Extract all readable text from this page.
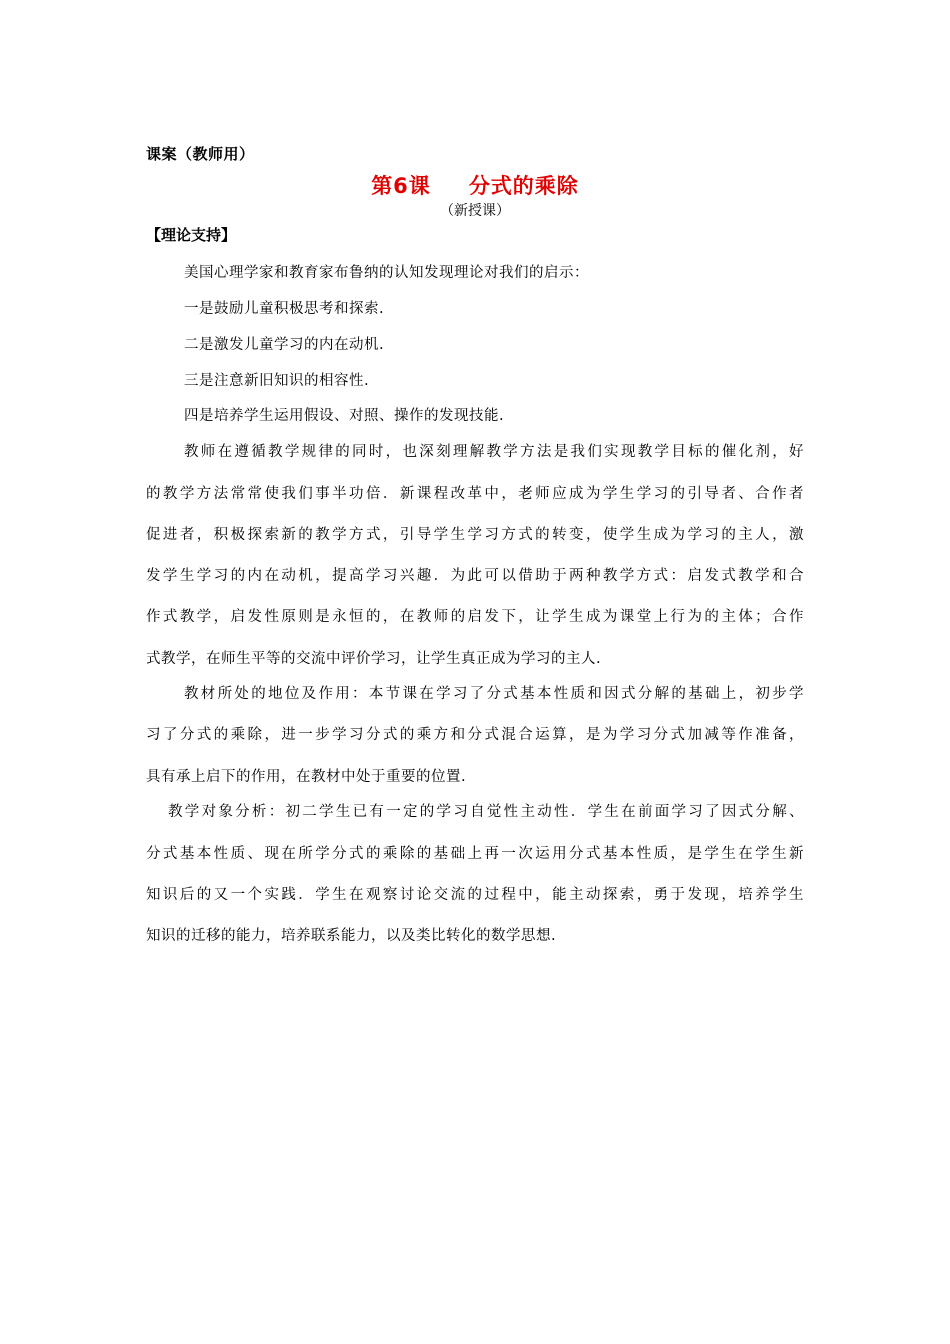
课案（教师用）
第6课 分式的乘除
（新授课）
【理论支持】
美国心理学家和教育家布鲁纳的认知发现理论对我们的启示：
一是鼓励儿童积极思考和探索.
二是激发儿童学习的内在动机.
三是注意新旧知识的相容性.
四是培养学生运用假设、对照、操作的发现技能.
教师在遵循教学规律的同时，也深刻理解教学方法是我们实现教学目标的催化剂，好
的教学方法常常使我们事半功倍．新课程改革中，老师应成为学生学习的引导者、合作者
促进者，积极探索新的教学方式，引导学生学习方式的转变，使学生成为学习的主人，激
发学生学习的内在动机，提高学习兴趣．为此可以借助于两种教学方式：启发式教学和合
作式教学，启发性原则是永恒的，在教师的启发下，让学生成为课堂上行为的主体；合作
式教学，在师生平等的交流中评价学习，让学生真正成为学习的主人.
教材所处的地位及作用：本节课在学习了分式基本性质和因式分解的基础上，初步学
习了分式的乘除，进一步学习分式的乘方和分式混合运算，是为学习分式加减等作准备，
具有承上启下的作用，在教材中处于重要的位置.
教学对象分析：初二学生已有一定的学习自觉性主动性．学生在前面学习了因式分解、
分式基本性质、现在所学分式的乘除的基础上再一次运用分式基本性质，是学生在学生新
知识后的又一个实践．学生在观察讨论交流的过程中，能主动探索，勇于发现，培养学生
知识的迁移的能力，培养联系能力，以及类比转化的数学思想.
